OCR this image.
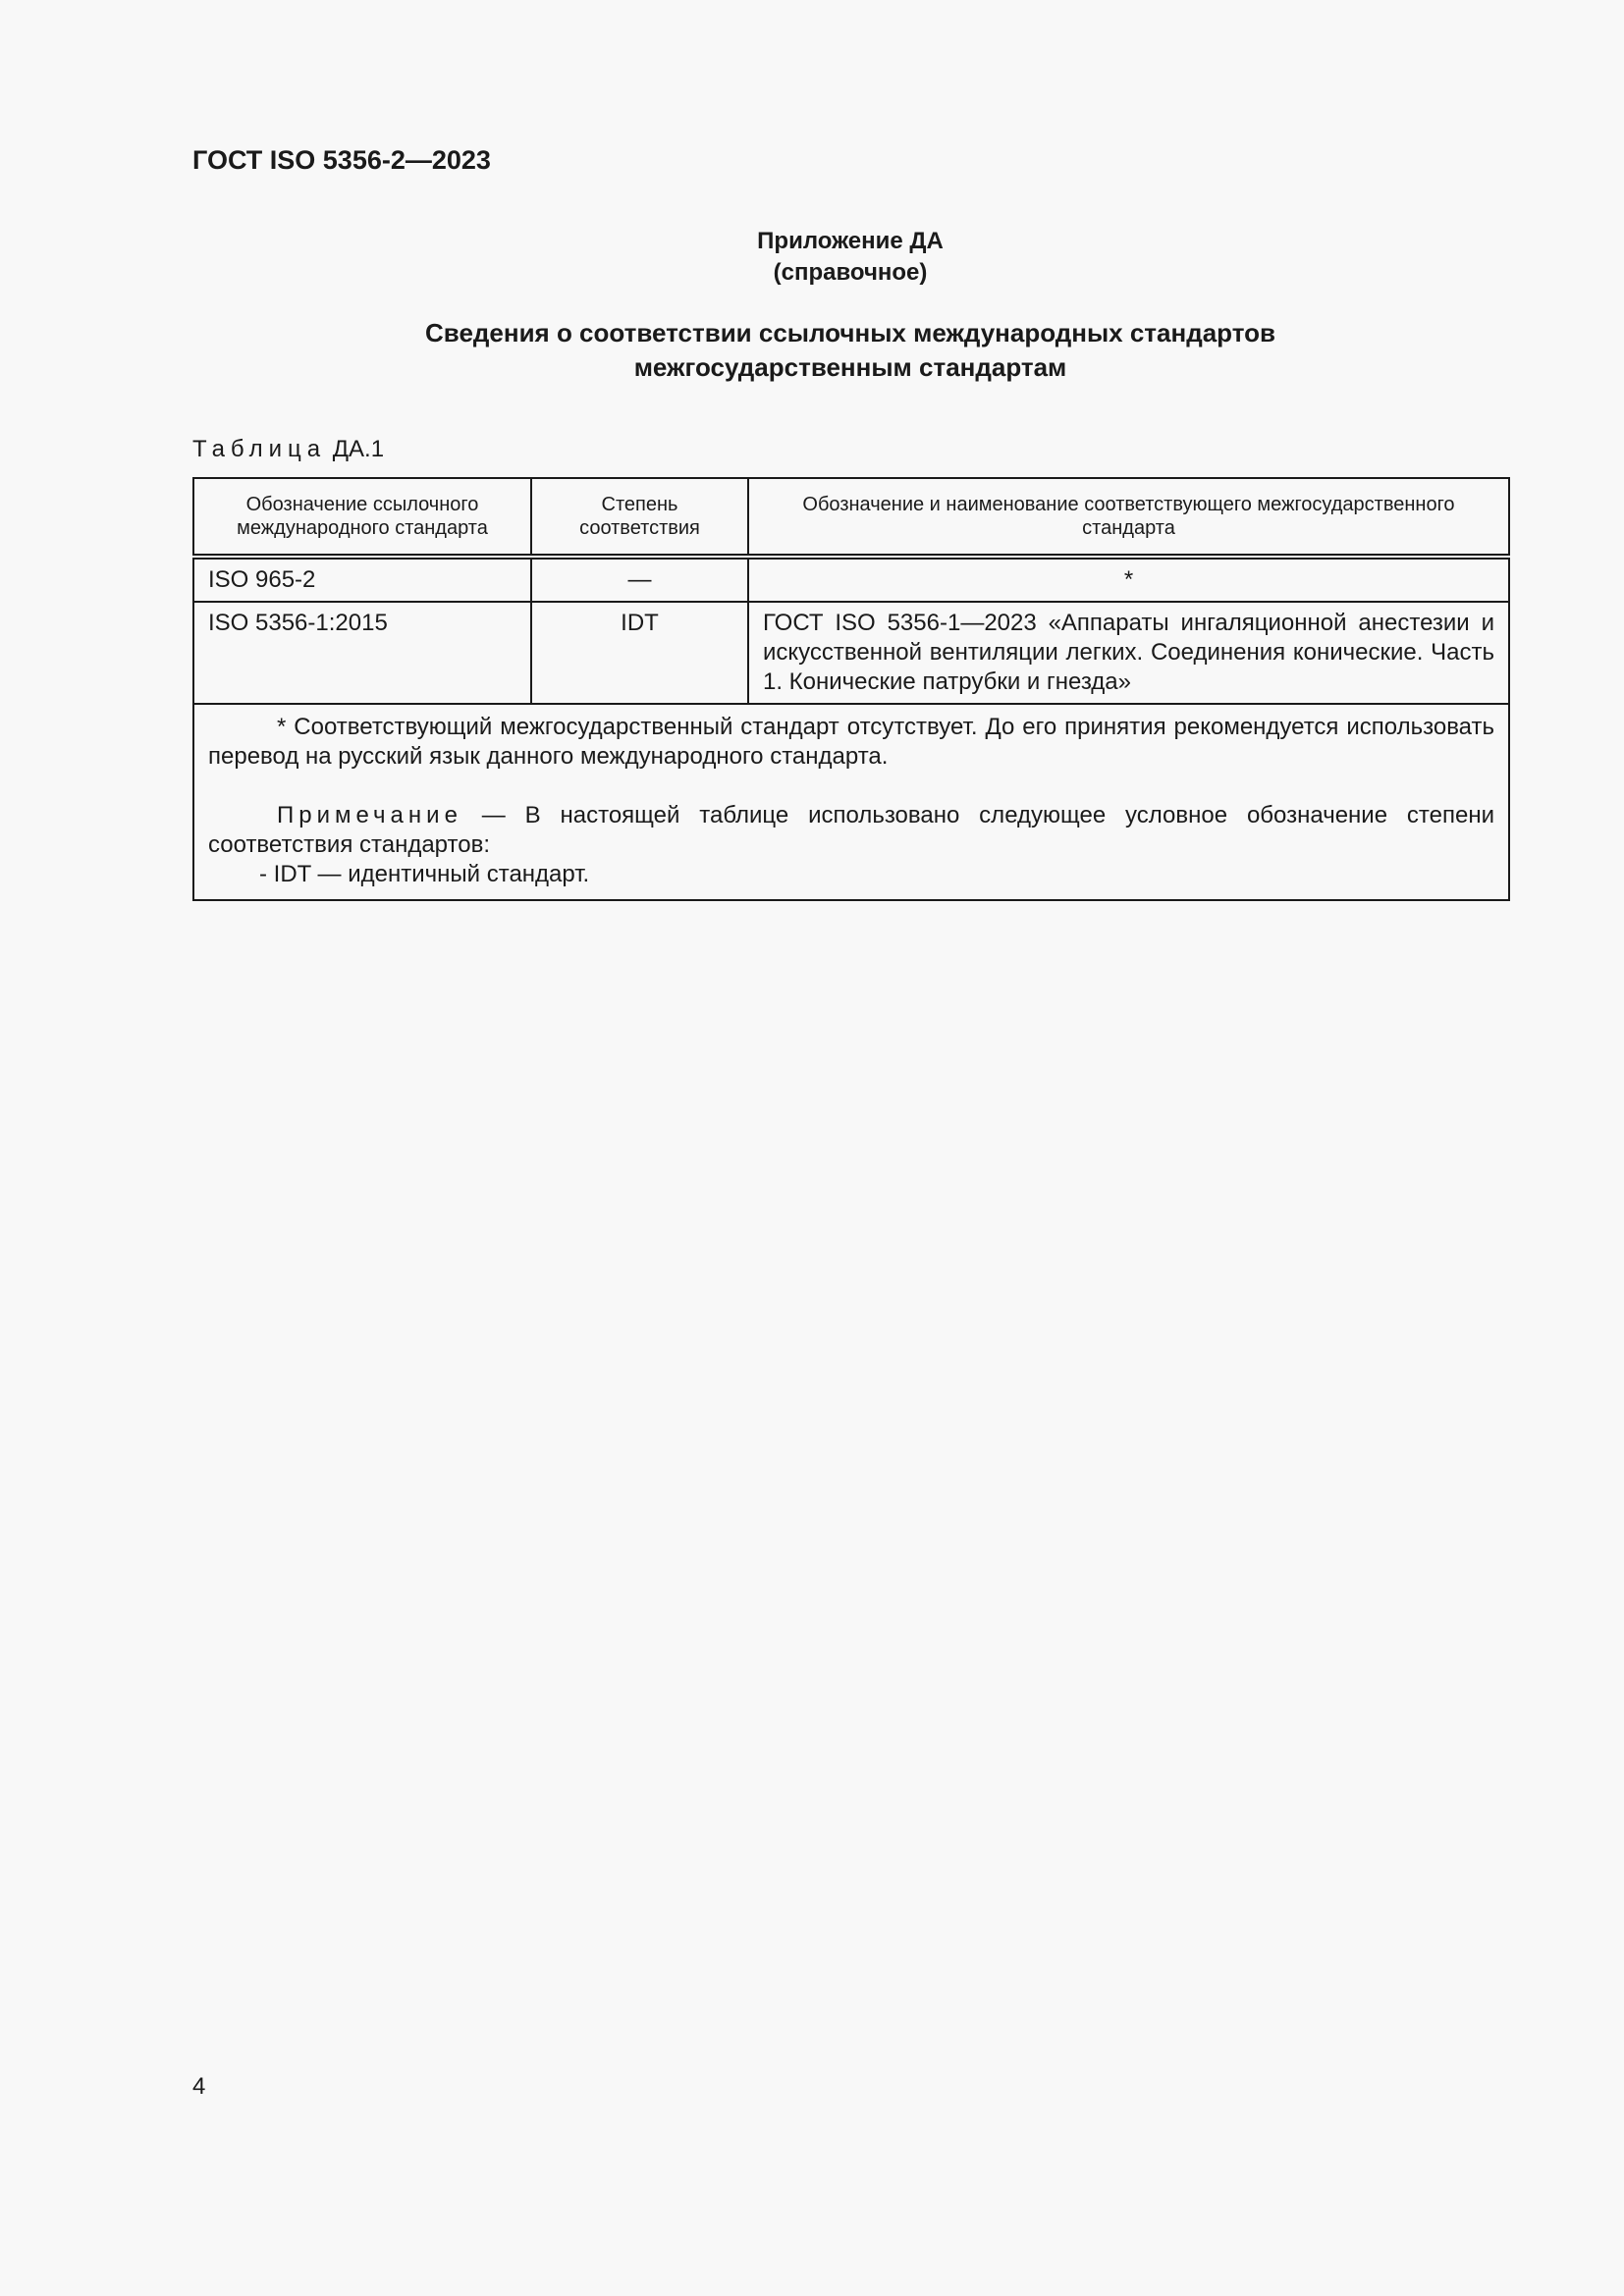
ГОСТ ISO 5356-2—2023
Приложение ДА
(справочное)
Сведения о соответствии ссылочных международных стандартов
межгосударственным стандартам
Таблица ДА.1
Обозначение ссылочного международного стандарта	Степень соответствия	Обозначение и наименование соответствующего межгосударственного стандарта
ISO 965-2	—	*
ISO 5356-1:2015	IDT	ГОСТ ISO 5356-1—2023 «Аппараты ингаляционной анестезии и искусственной вентиляции легких. Соединения конические. Часть 1. Конические патрубки и гнезда»

* Соответствующий межгосударственный стандарт отсутствует. До его принятия рекомендуется использовать перевод на русский язык данного международного стандарта.

Примечание — В настоящей таблице использовано следующее условное обозначение степени соответствия стандартов:

- IDT — идентичный стандарт.		

4
